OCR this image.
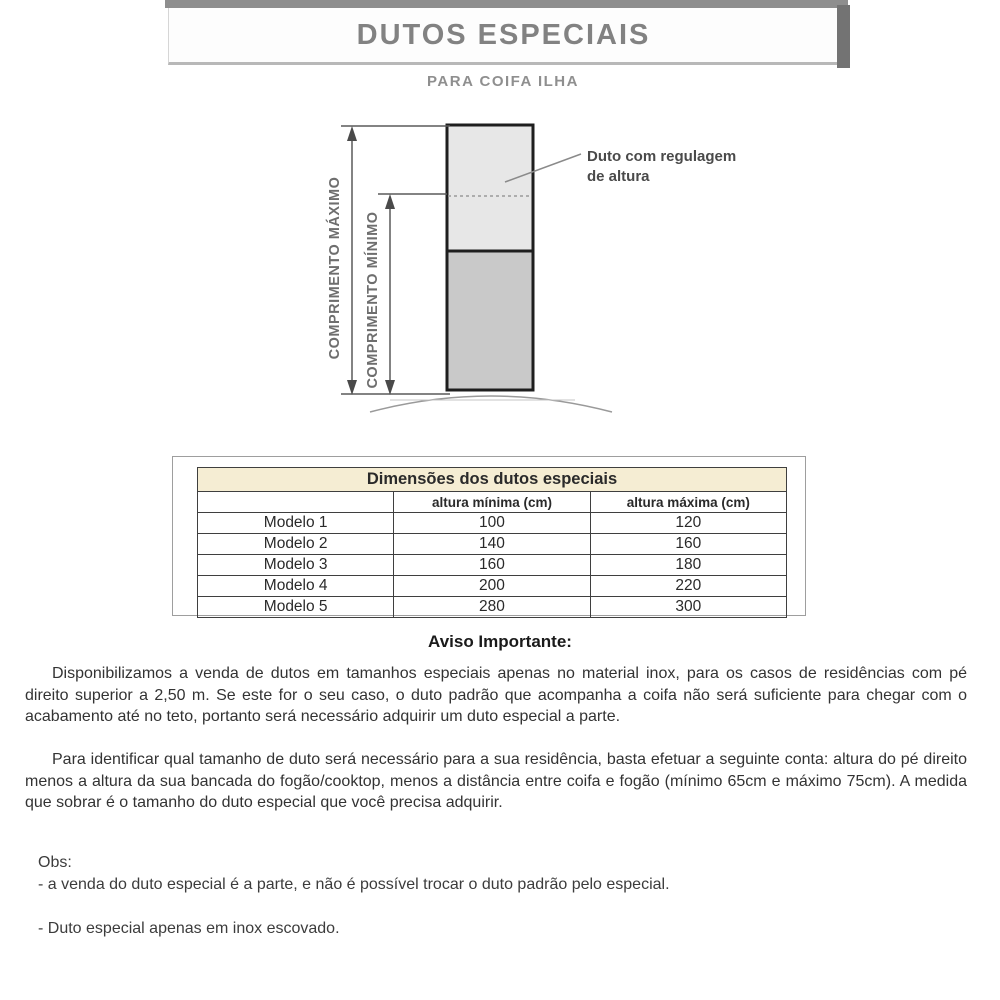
DUTOS ESPECIAIS
PARA COIFA ILHA
COMPRIMENTO MÁXIMO COMPRIMENTO MÍNIMO
Duto com regulagem
de altura
Dimensões dos dutos especiais		
	altura mínima (cm)	altura máxima (cm)
Modelo 1	100	120
Modelo 2	140	160
Modelo 3	160	180
Modelo 4	200	220
Modelo 5	280	300
Aviso Importante:

Disponibilizamos a venda de dutos em tamanhos especiais apenas no material inox, para os casos de residências com pé direito superior a 2,50 m. Se este for o seu caso, o duto padrão que acompanha a coifa não será suficiente para chegar com o acabamento até no teto, portanto será necessário adquirir um duto especial a parte.

Para identificar qual tamanho de duto será necessário para a sua residência, basta efetuar a seguinte conta: altura do pé direito menos a altura da sua bancada do fogão/cooktop, menos a distância entre coifa e fogão (mínimo 65cm e máximo 75cm). A medida que sobrar é o tamanho do duto especial que você precisa adquirir.

Obs:
- a venda do duto especial é a parte, e não é possível trocar o duto padrão pelo especial.
- Duto especial apenas em inox escovado.
